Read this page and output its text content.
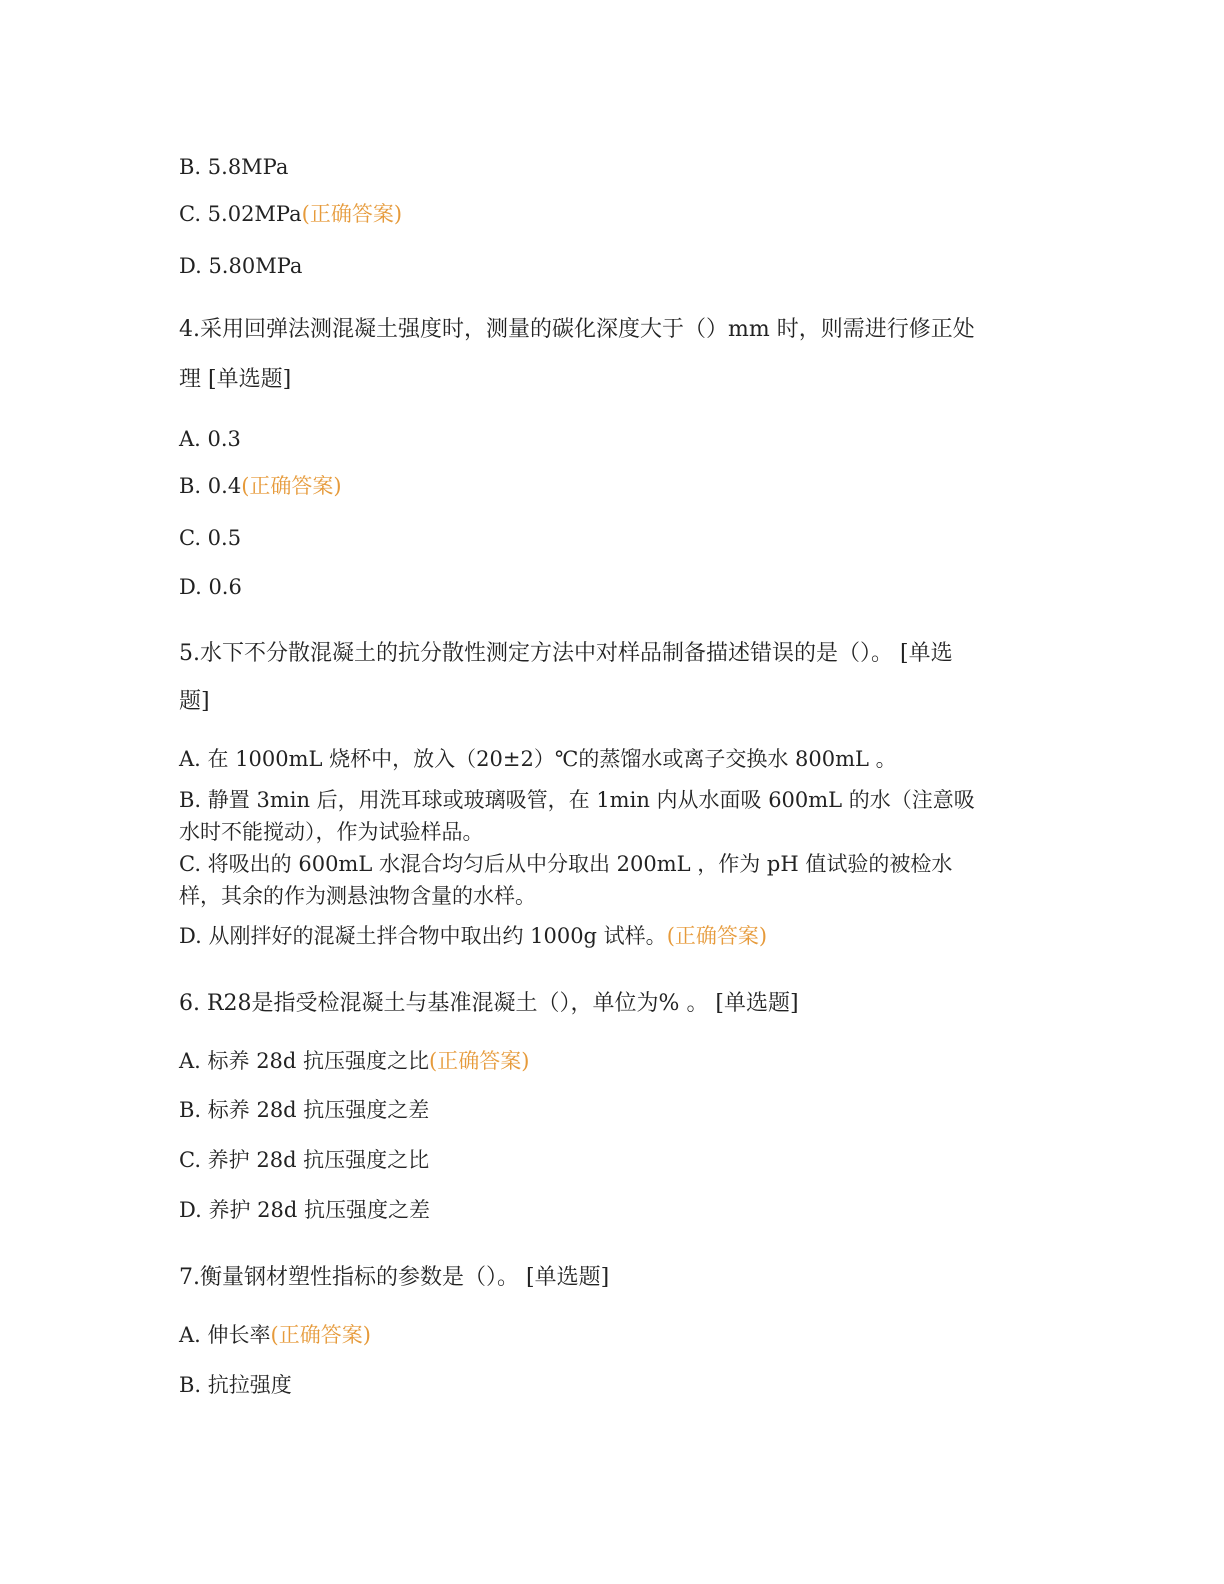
B. 5.8MPa
C. 5.02MPa(正确答案)
D. 5.80MPa
4.采用回弹法测混凝土强度时，测量的碳化深度大于（）mm 时，则需进行修正处
理 [单选题]
A. 0.3
B. 0.4(正确答案)
C. 0.5
D. 0.6
5.水下不分散混凝土的抗分散性测定方法中对样品制备描述错误的是（）。 [单选
题]
A. 在 1000mL 烧杯中，放入（20±2）℃的蒸馏水或离子交换水 800mL 。
B. 静置 3min 后，用洗耳球或玻璃吸管，在 1min 内从水面吸 600mL 的水（注意吸
水时不能搅动），作为试验样品。
C. 将吸出的 600mL 水混合均匀后从中分取出 200mL ，作为 pH 值试验的被检水
样，其余的作为测悬浊物含量的水样。
D. 从刚拌好的混凝土拌合物中取出约 1000g 试样。(正确答案)
6. R28是指受检混凝土与基准混凝土（），单位为% 。 [单选题]
A. 标养 28d 抗压强度之比(正确答案)
B. 标养 28d 抗压强度之差
C. 养护 28d 抗压强度之比
D. 养护 28d 抗压强度之差
7.衡量钢材塑性指标的参数是（）。 [单选题]
A. 伸长率(正确答案)
B. 抗拉强度
